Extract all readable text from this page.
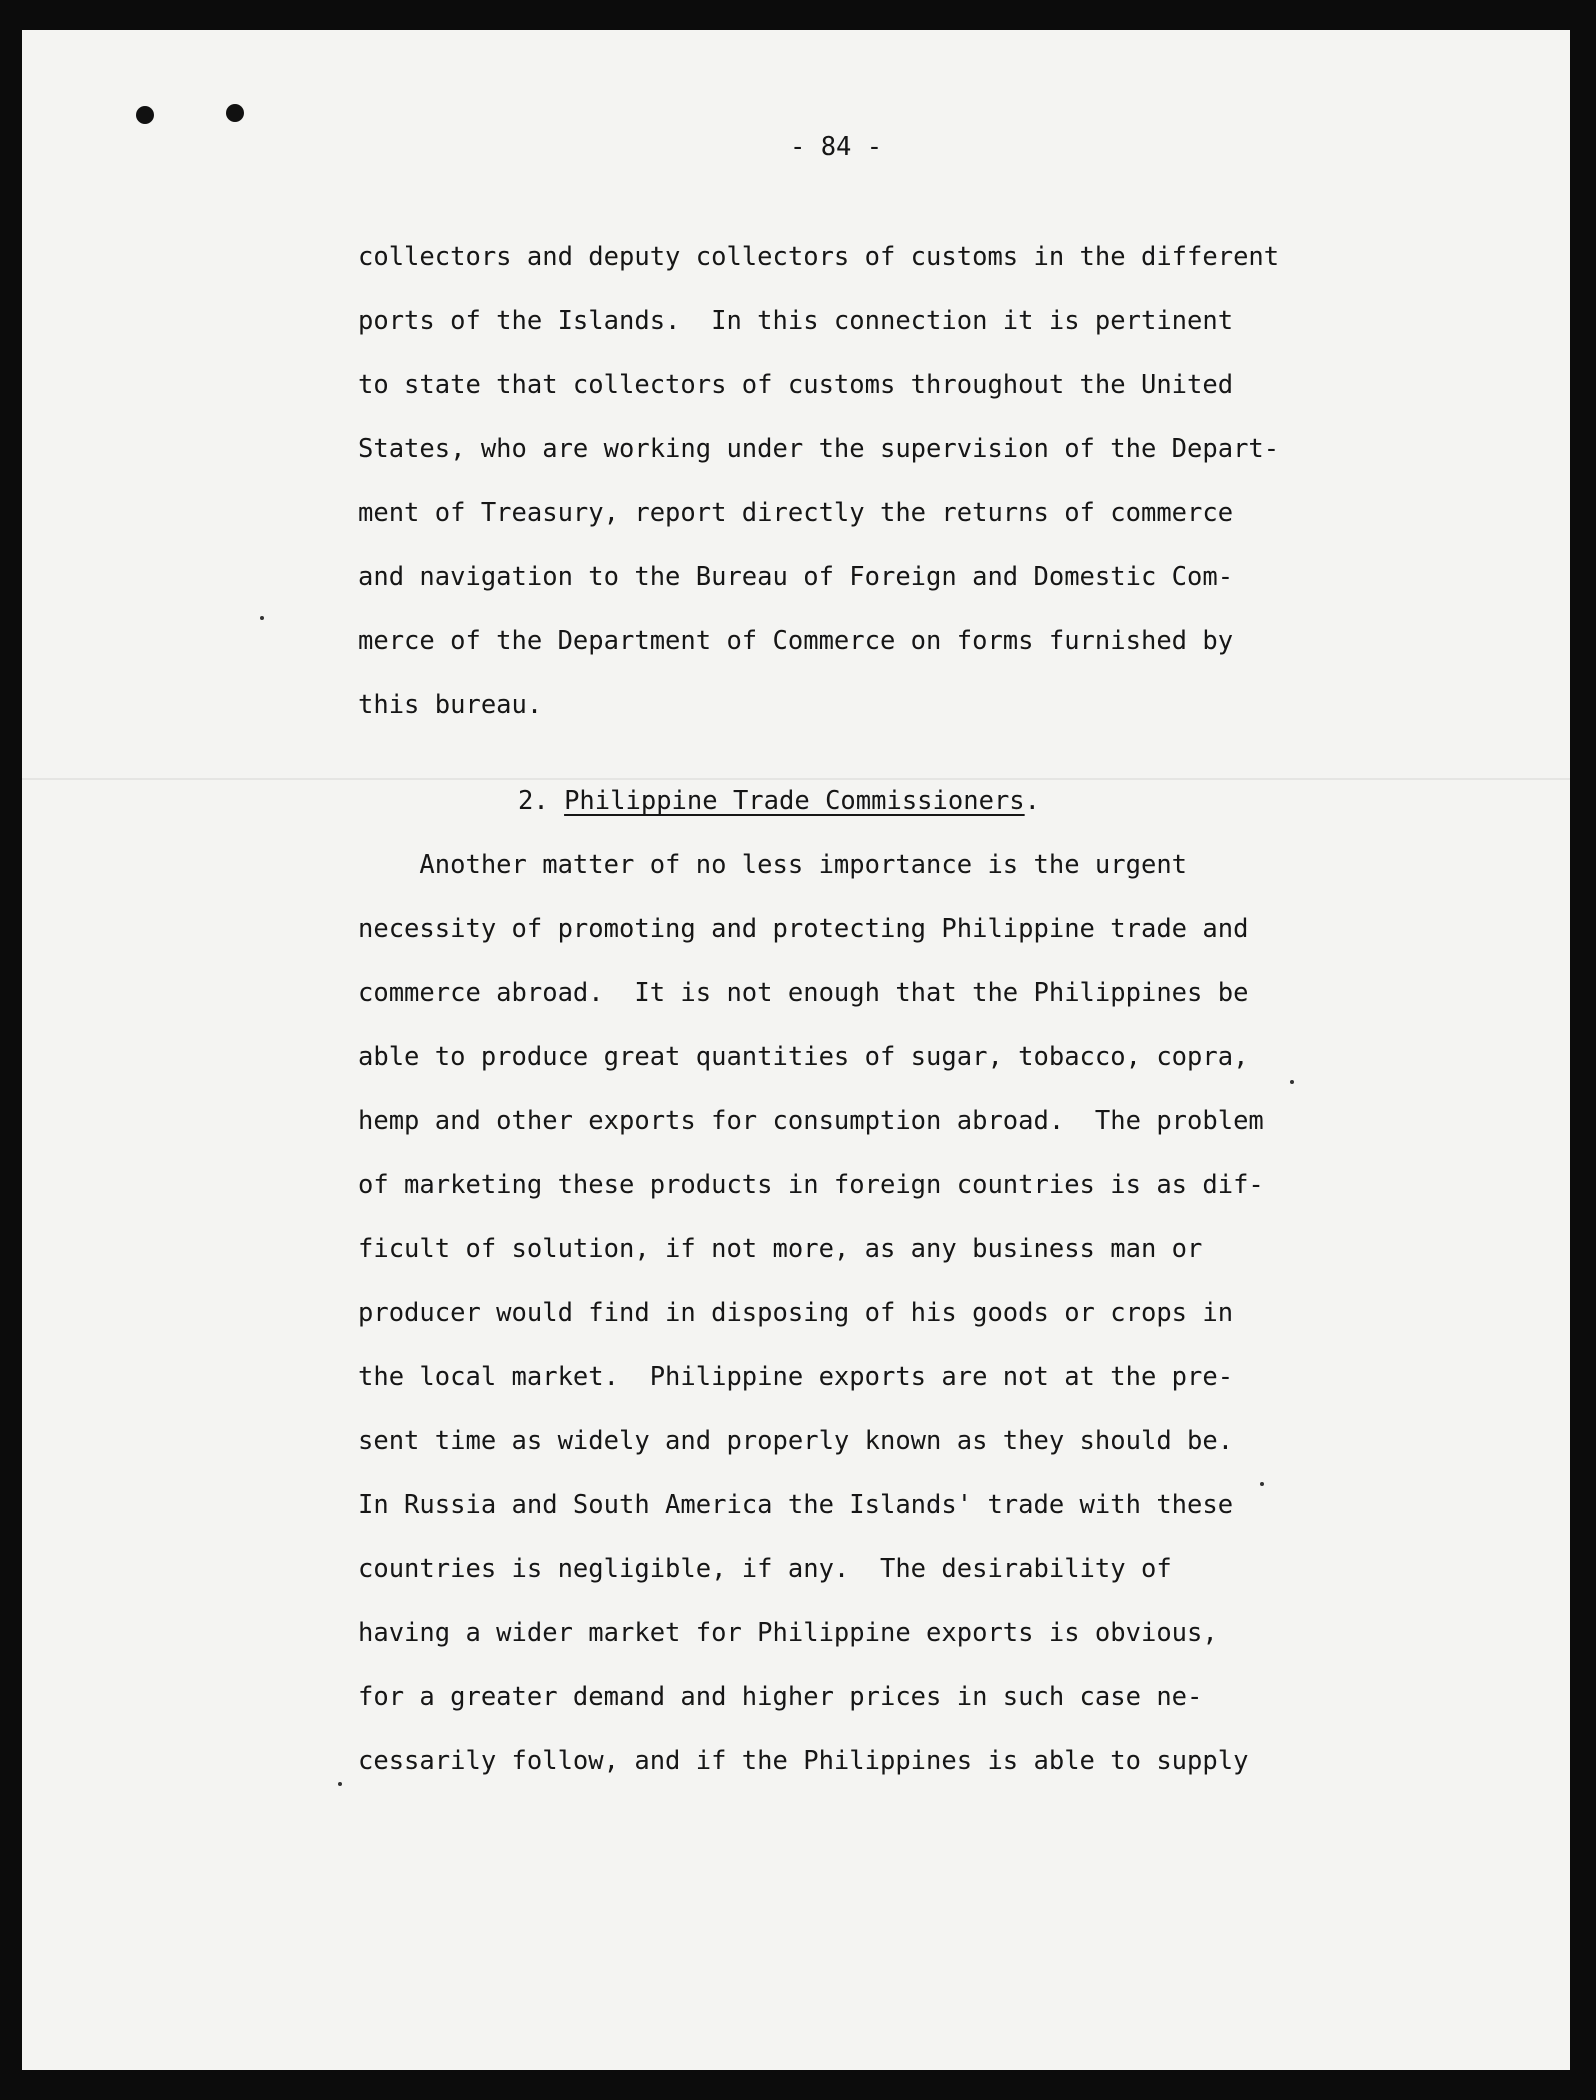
- 84 -
collectors and deputy collectors of customs in the different
ports of the Islands.  In this connection it is pertinent
to state that collectors of customs throughout the United
States, who are working under the supervision of the Depart-
ment of Treasury, report directly the returns of commerce
and navigation to the Bureau of Foreign and Domestic Com-
merce of the Department of Commerce on forms furnished by
this bureau.
2. Philippine Trade Commissioners.
Another matter of no less importance is the urgent
necessity of promoting and protecting Philippine trade and
commerce abroad.  It is not enough that the Philippines be
able to produce great quantities of sugar, tobacco, copra,
hemp and other exports for consumption abroad.  The problem
of marketing these products in foreign countries is as dif-
ficult of solution, if not more, as any business man or
producer would find in disposing of his goods or crops in
the local market.  Philippine exports are not at the pre-
sent time as widely and properly known as they should be.
In Russia and South America the Islands' trade with these
countries is negligible, if any.  The desirability of
having a wider market for Philippine exports is obvious,
for a greater demand and higher prices in such case ne-
cessarily follow, and if the Philippines is able to supply
